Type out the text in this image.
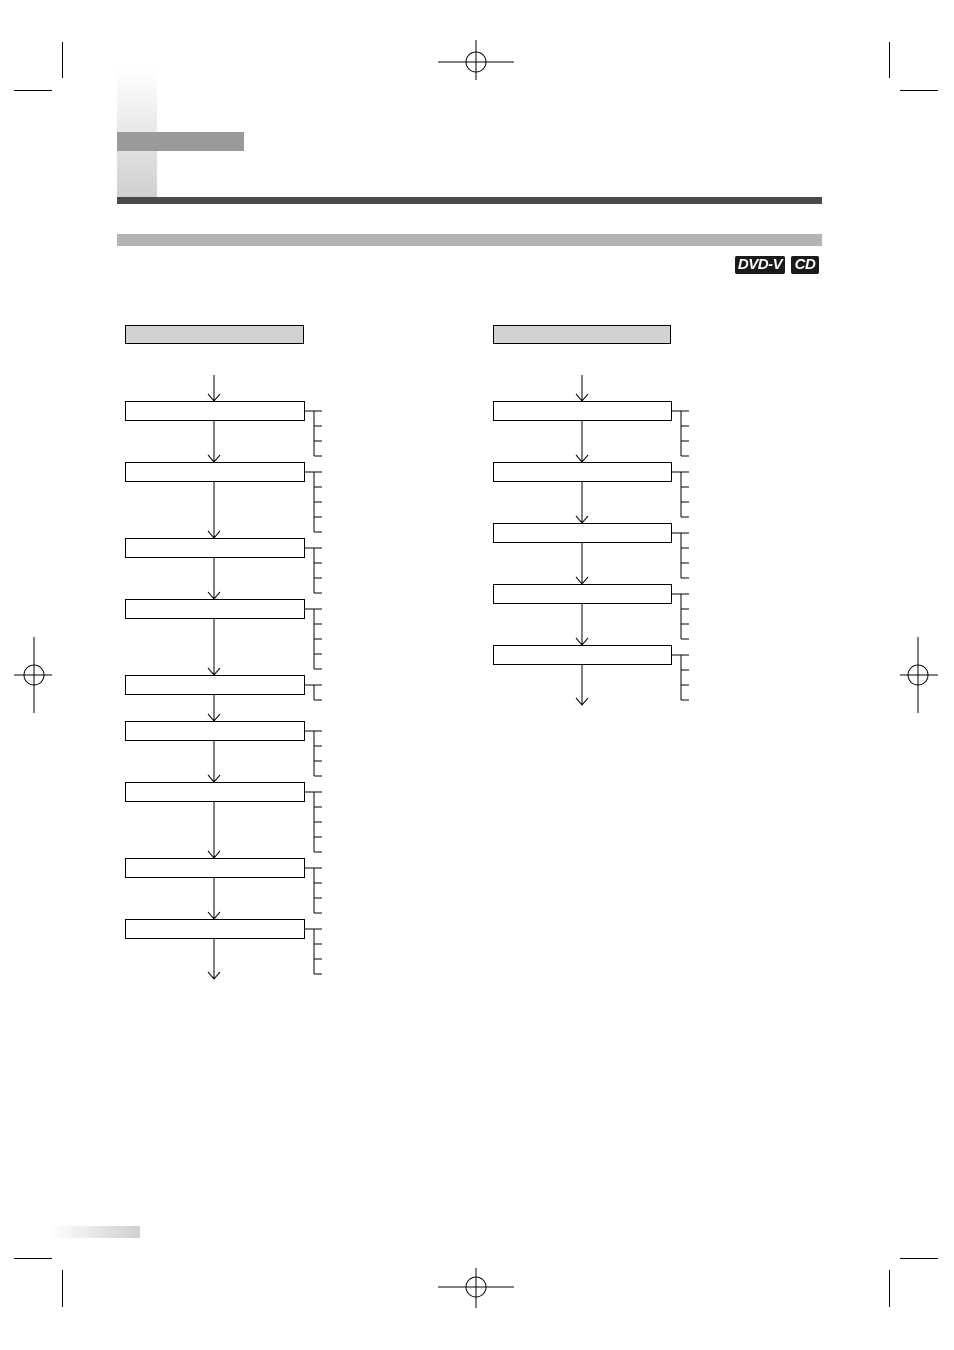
DVD-V CD
